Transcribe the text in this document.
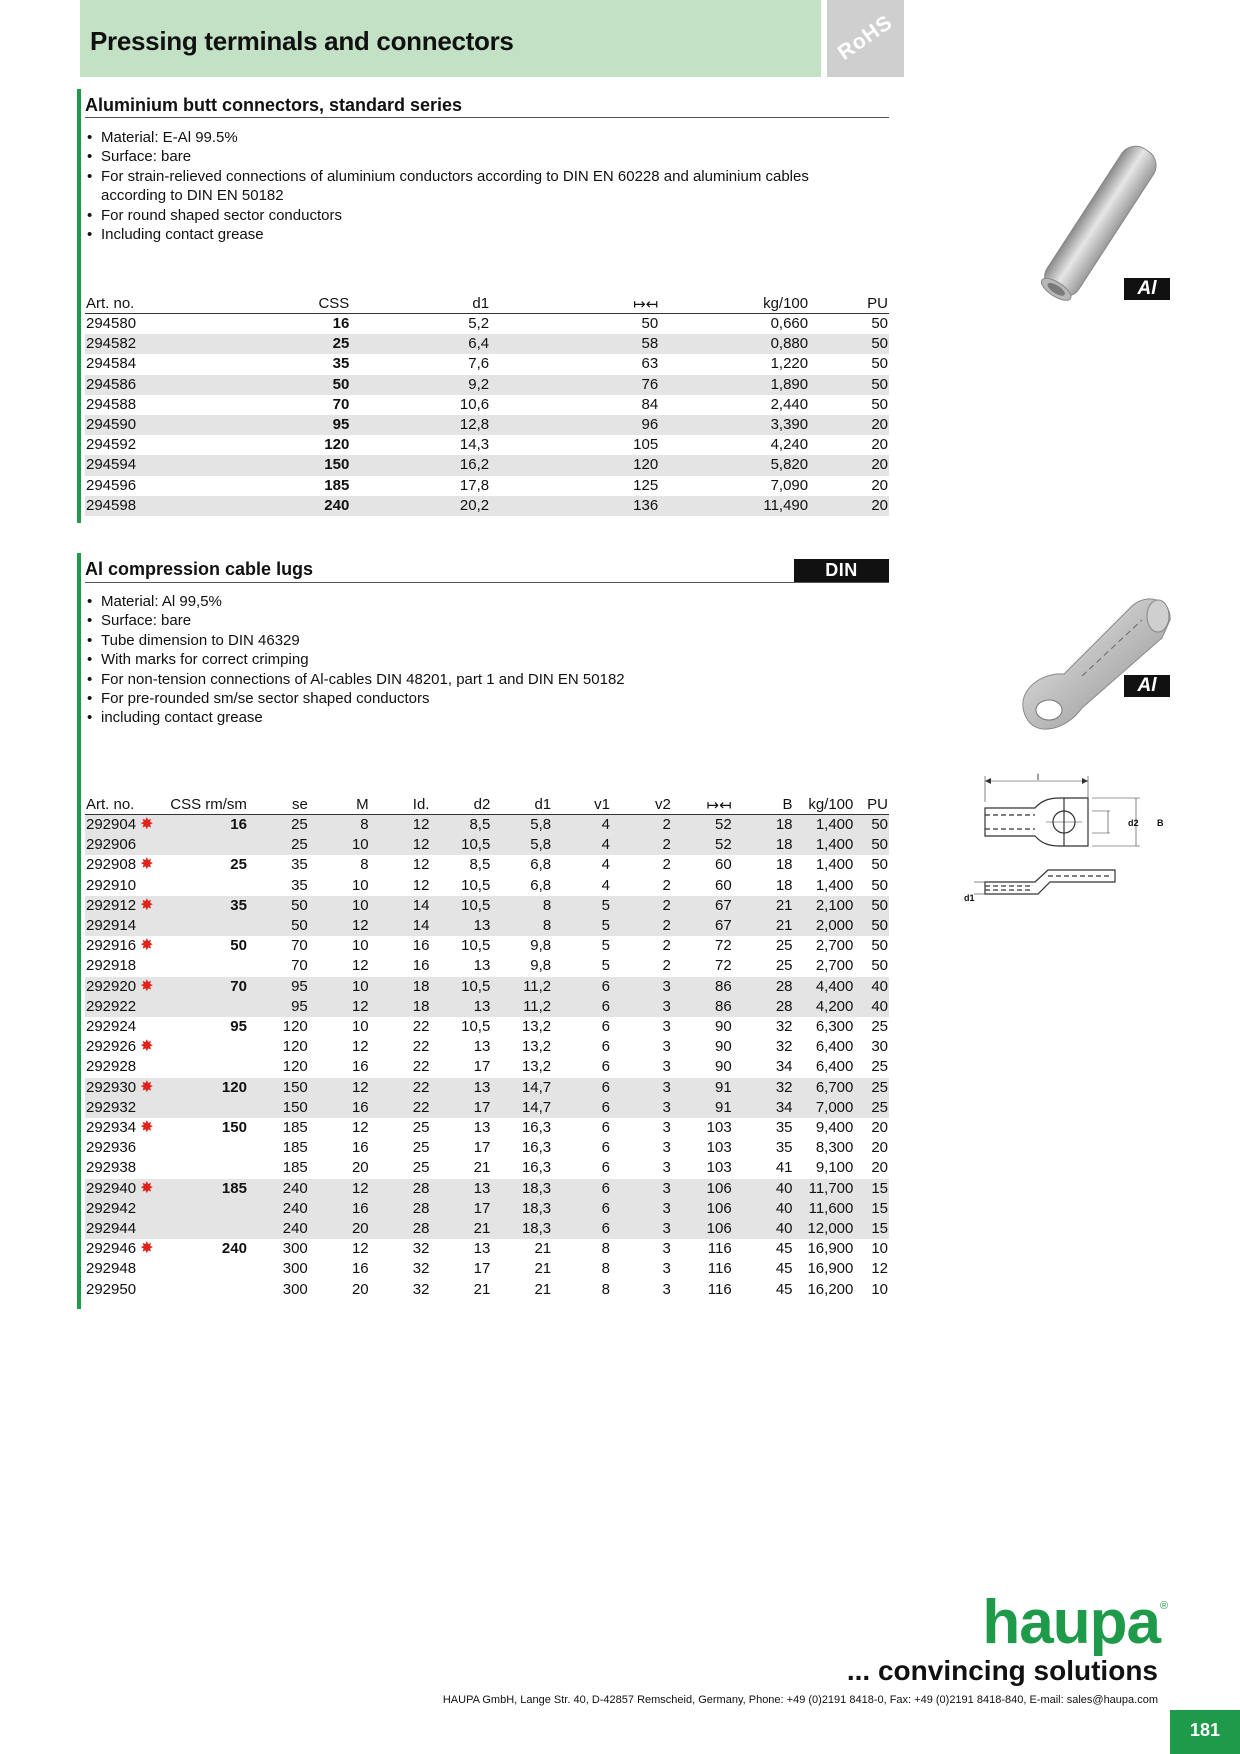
Pressing terminals and connectors	RoHS
Aluminium butt connectors, standard series
• Material: E-Al 99.5%
• Surface: bare
• For strain-relieved connections of aluminium conductors according to DIN EN 60228 and aluminium cables according to DIN EN 50182
• For round shaped sector conductors
• Including contact grease
Al
Art. no.	CSS	d1	↦↤	kg/100	PU
294580	16	5,2	50	0,660	50
294582	25	6,4	58	0,880	50
294584	35	7,6	63	1,220	50
294586	50	9,2	76	1,890	50
294588	70	10,6	84	2,440	50
294590	95	12,8	96	3,390	20
294592	120	14,3	105	4,240	20
294594	150	16,2	120	5,820	20
294596	185	17,8	125	7,090	20
294598	240	20,2	136	11,490	20
Al compression cable lugs	DIN
• Material: Al 99,5%
• Surface: bare
• Tube dimension to DIN 46329
• With marks for correct crimping
• For non-tension connections of Al-cables DIN 48201, part 1 and DIN EN 50182
• For pre-rounded sm/se sector shaped conductors
• including contact grease
Al
d2 B
l
d1
Art. no.	CSS rm/sm	se	M	Id.	d2	d1	v1	v2	↦↤	B	kg/100	PU
292904 ✸	16	25	8	12	8,5	5,8	4	2	52	18	1,400	50
292906		25	10	12	10,5	5,8	4	2	52	18	1,400	50
292908 ✸	25	35	8	12	8,5	6,8	4	2	60	18	1,400	50
292910		35	10	12	10,5	6,8	4	2	60	18	1,400	50
292912 ✸	35	50	10	14	10,5	8	5	2	67	21	2,100	50
292914		50	12	14	13	8	5	2	67	21	2,000	50
292916 ✸	50	70	10	16	10,5	9,8	5	2	72	25	2,700	50
292918		70	12	16	13	9,8	5	2	72	25	2,700	50
292920 ✸	70	95	10	18	10,5	11,2	6	3	86	28	4,400	40
292922		95	12	18	13	11,2	6	3	86	28	4,200	40
292924	95	120	10	22	10,5	13,2	6	3	90	32	6,300	25
292926 ✸		120	12	22	13	13,2	6	3	90	32	6,400	30
292928		120	16	22	17	13,2	6	3	90	34	6,400	25
292930 ✸	120	150	12	22	13	14,7	6	3	91	32	6,700	25
292932		150	16	22	17	14,7	6	3	91	34	7,000	25
292934 ✸	150	185	12	25	13	16,3	6	3	103	35	9,400	20
292936		185	16	25	17	16,3	6	3	103	35	8,300	20
292938		185	20	25	21	16,3	6	3	103	41	9,100	20
292940 ✸	185	240	12	28	13	18,3	6	3	106	40	11,700	15
292942		240	16	28	17	18,3	6	3	106	40	11,600	15
292944		240	20	28	21	18,3	6	3	106	40	12,000	15
292946 ✸	240	300	12	32	13	21	8	3	116	45	16,900	10
292948		300	16	32	17	21	8	3	116	45	16,900	12
292950		300	20	32	21	21	8	3	116	45	16,200	10
haupa ®
... convincing solutions
HAUPA GmbH, Lange Str. 40, D-42857 Remscheid, Germany, Phone: +49 (0)2191 8418-0, Fax: +49 (0)2191 8418-840, E-mail: sales@haupa.com
181
